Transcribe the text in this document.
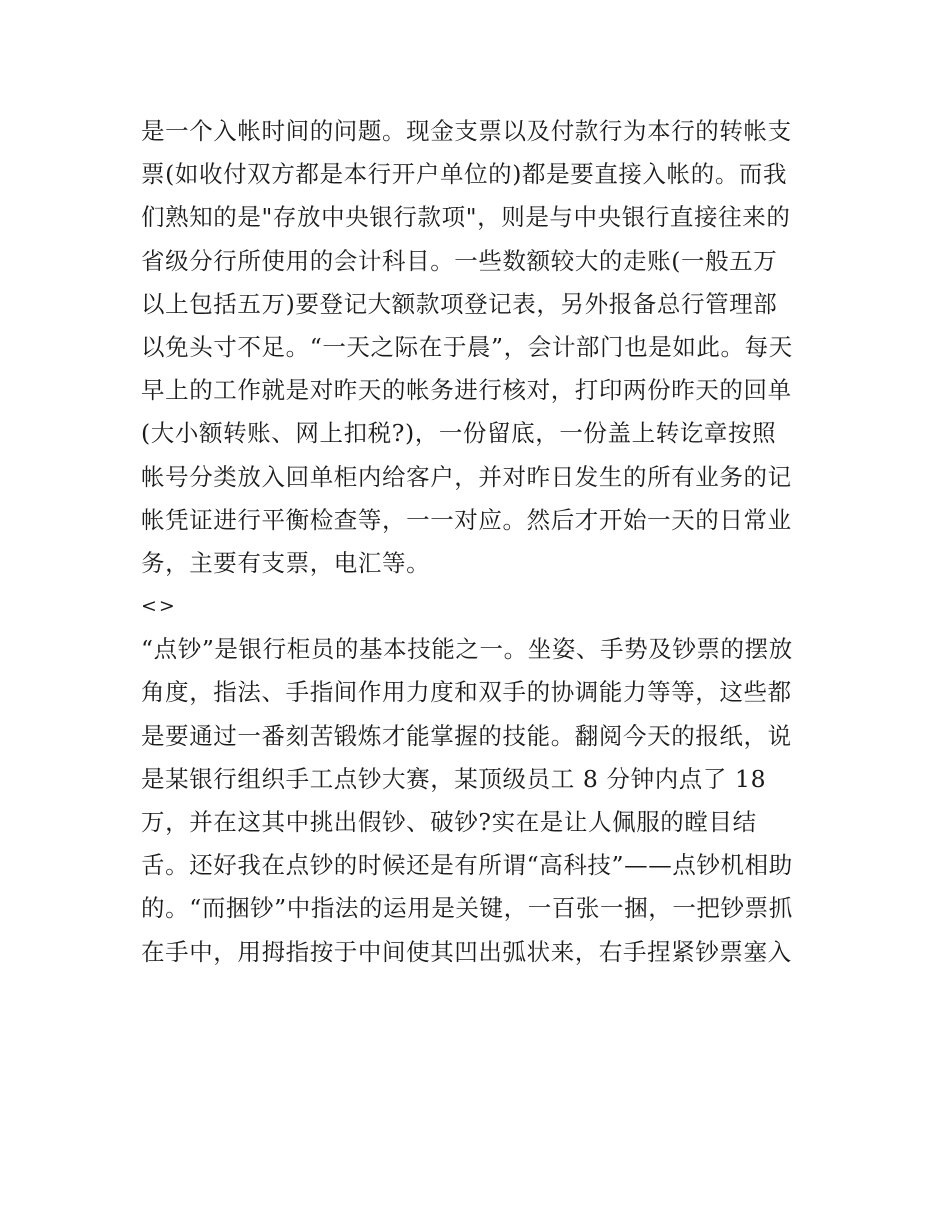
是一个入帐时间的问题。现金支票以及付款行为本行的转帐支
票(如收付双方都是本行开户单位的)都是要直接入帐的。而我
们熟知的是"存放中央银行款项"，则是与中央银行直接往来的
省级分行所使用的会计科目。一些数额较大的走账(一般五万
以上包括五万)要登记大额款项登记表，另外报备总行管理部
以免头寸不足。“一天之际在于晨”，会计部门也是如此。每天
早上的工作就是对昨天的帐务进行核对，打印两份昨天的回单
(大小额转账、网上扣税?)，一份留底，一份盖上转讫章按照
帐号分类放入回单柜内给客户，并对昨日发生的所有业务的记
帐凭证进行平衡检查等，一一对应。然后才开始一天的日常业
务，主要有支票，电汇等。
<>
“点钞”是银行柜员的基本技能之一。坐姿、手势及钞票的摆放
角度，指法、手指间作用力度和双手的协调能力等等，这些都
是要通过一番刻苦锻炼才能掌握的技能。翻阅今天的报纸，说
是某银行组织手工点钞大赛，某顶级员工 8 分钟内点了 18
万，并在这其中挑出假钞、破钞?实在是让人佩服的瞠目结
舌。还好我在点钞的时候还是有所谓“高科技”——点钞机相助
的。“而捆钞”中指法的运用是关键，一百张一捆，一把钞票抓
在手中，用拇指按于中间使其凹出弧状来，右手捏紧钞票塞入
